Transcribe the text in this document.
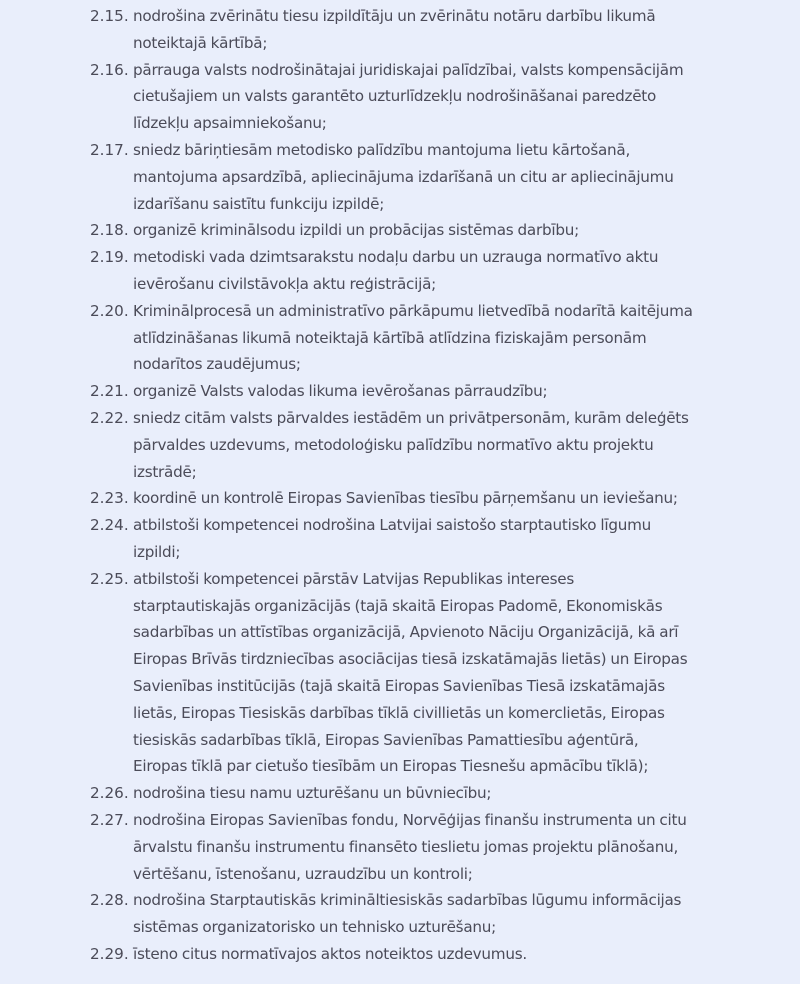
2.15. nodrošina zvērinātu tiesu izpildītāju un zvērinātu notāru darbību likumā noteiktajā kārtībā;
2.16. pārrauga valsts nodrošinātajai juridiskajai palīdzībai, valsts kompensācijām cietušajiem un valsts garantēto uzturlīdzekļu nodrošināšanai paredzēto līdzekļu apsaimniekošanu;
2.17. sniedz bāriņtiesām metodisko palīdzību mantojuma lietu kārtošanā, mantojuma apsardzībā, apliecinājuma izdarīšanā un citu ar apliecinājumu izdarīšanu saistītu funkciju izpildē;
2.18. organizē kriminālsodu izpildi un probācijas sistēmas darbību;
2.19. metodiski vada dzimtsarakstu nodaļu darbu un uzrauga normatīvo aktu ievērošanu civilstāvokļa aktu reģistrācijā;
2.20. Kriminālprocesā un administratīvo pārkāpumu lietvedībā nodarītā kaitējuma atlīdzināšanas likumā noteiktajā kārtībā atlīdzina fiziskajām personām nodarītos zaudējumus;
2.21. organizē Valsts valodas likuma ievērošanas pārraudzību;
2.22. sniedz citām valsts pārvaldes iestādēm un privātpersonām, kurām deleģēts pārvaldes uzdevums, metodoloģisku palīdzību normatīvo aktu projektu izstrādē;
2.23. koordinē un kontrolē Eiropas Savienības tiesību pārņemšanu un ieviešanu;
2.24. atbilstoši kompetencei nodrošina Latvijai saistošo starptautisko līgumu izpildi;
2.25. atbilstoši kompetencei pārstāv Latvijas Republikas intereses starptautiskajās organizācijās (tajā skaitā Eiropas Padomē, Ekonomiskās sadarbības un attīstības organizācijā, Apvienoto Nāciju Organizācijā, kā arī Eiropas Brīvās tirdzniecības asociācijas tiesā izskatāmajās lietās) un Eiropas Savienības institūcijās (tajā skaitā Eiropas Savienības Tiesā izskatāmajās lietās, Eiropas Tiesiskās darbības tīklā civillietās un komerclietās, Eiropas tiesiskās sadarbības tīklā, Eiropas Savienības Pamattiesību aģentūrā, Eiropas tīklā par cietušo tiesībām un Eiropas Tiesnešu apmācību tīklā);
2.26. nodrošina tiesu namu uzturēšanu un būvniecību;
2.27. nodrošina Eiropas Savienības fondu, Norvēģijas finanšu instrumenta un citu ārvalstu finanšu instrumentu finansēto tieslietu jomas projektu plānošanu, vērtēšanu, īstenošanu, uzraudzību un kontroli;
2.28. nodrošina Starptautiskās krimināltiesiskās sadarbības lūgumu informācijas sistēmas organizatorisko un tehnisko uzturēšanu;
2.29. īsteno citus normatīvajos aktos noteiktos uzdevumus.
